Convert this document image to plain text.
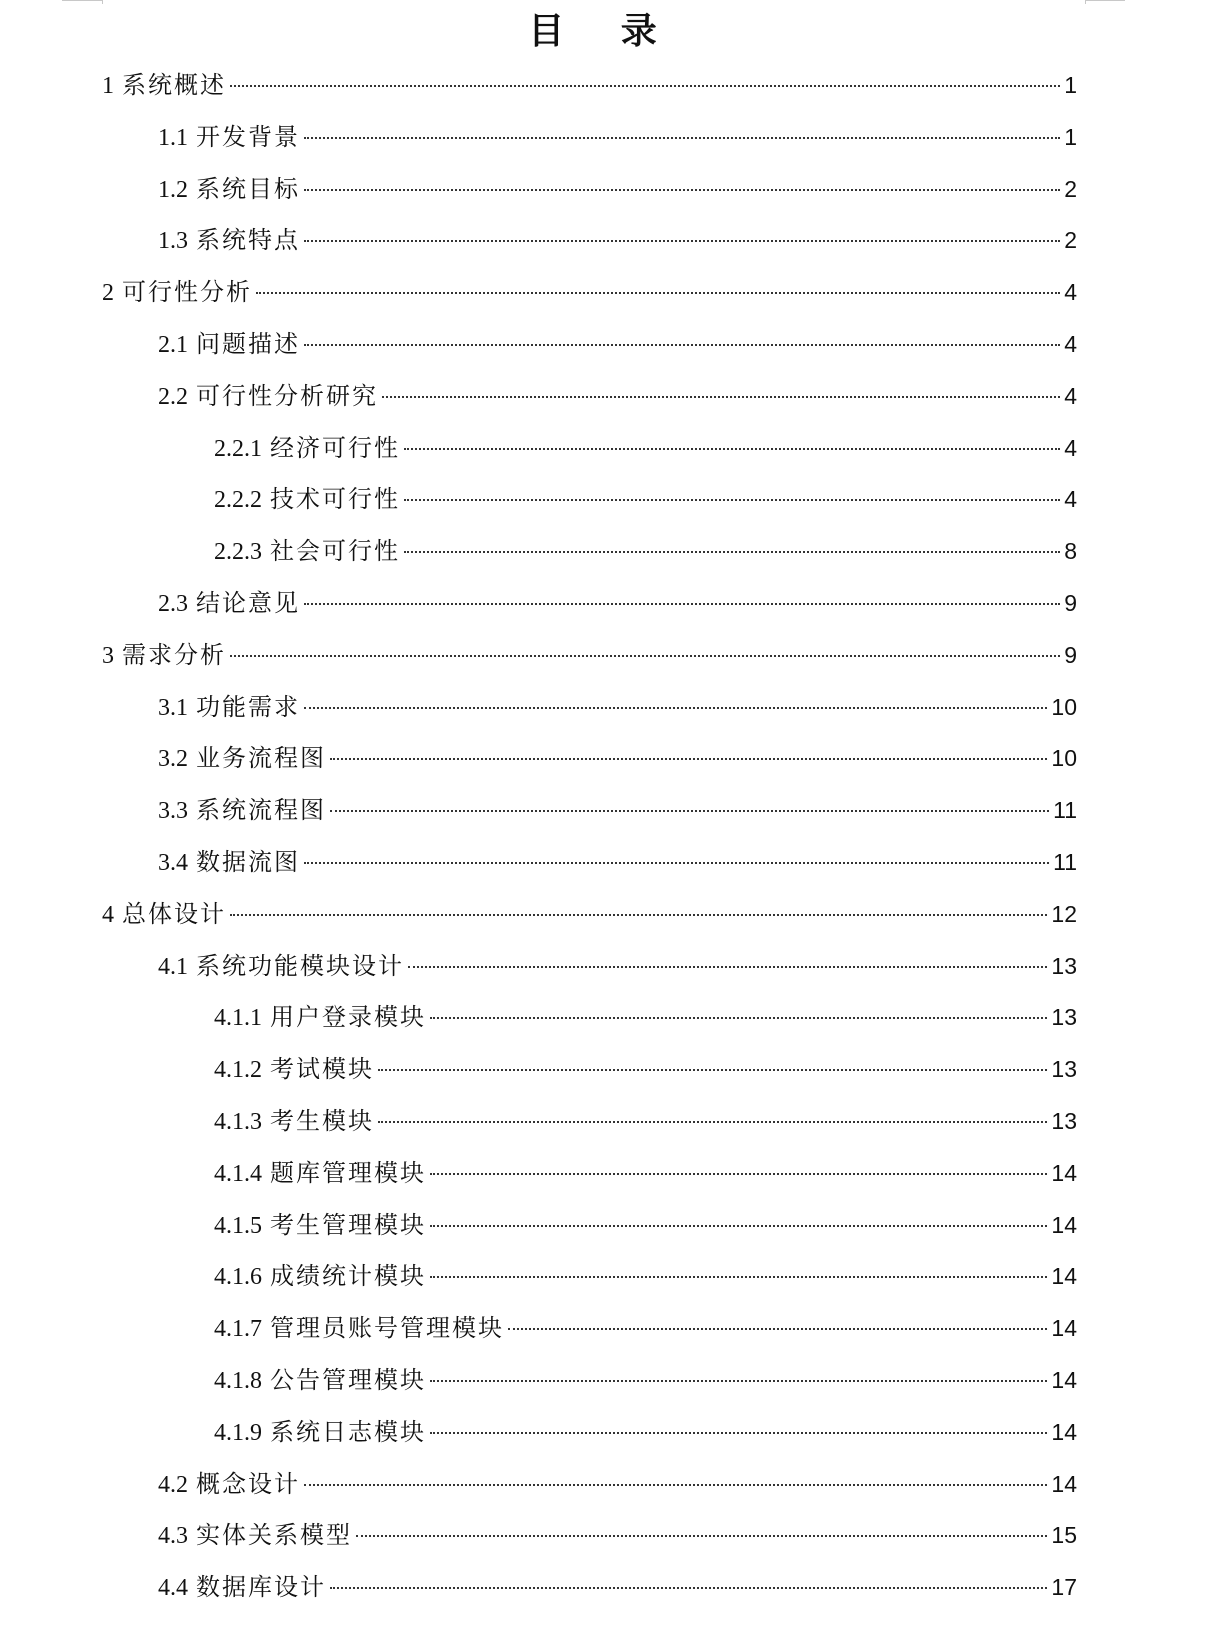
目 录
1 系统概述	1
1.1 开发背景	1
1.2 系统目标	2
1.3 系统特点	2
2 可行性分析	4
2.1 问题描述	4
2.2 可行性分析研究	4
2.2.1 经济可行性	4
2.2.2 技术可行性	4
2.2.3 社会可行性	8
2.3 结论意见	9
3 需求分析	9
3.1 功能需求	10
3.2 业务流程图	10
3.3 系统流程图	11
3.4 数据流图	11
4 总体设计	12
4.1 系统功能模块设计	13
4.1.1 用户登录模块	13
4.1.2 考试模块	13
4.1.3 考生模块	13
4.1.4 题库管理模块	14
4.1.5 考生管理模块	14
4.1.6 成绩统计模块	14
4.1.7 管理员账号管理模块	14
4.1.8 公告管理模块	14
4.1.9 系统日志模块	14
4.2 概念设计	14
4.3 实体关系模型	15
4.4 数据库设计	17
